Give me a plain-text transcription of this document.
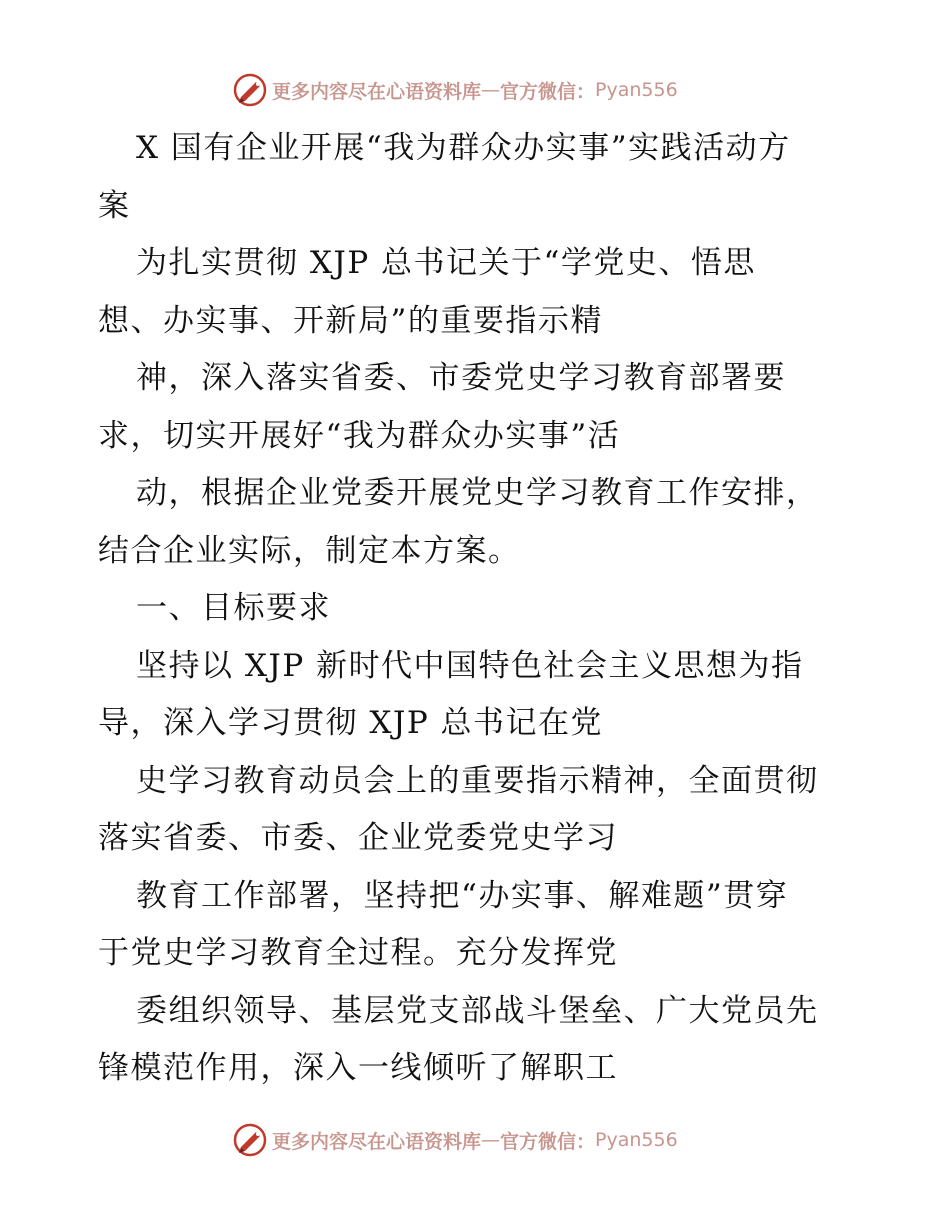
更多内容尽在心语资料库 — 官方微信： Pyan556
X 国有企业开展“我为群众办实事”实践活动方
案
为扎实贯彻 XJP 总书记关于“学党史、悟思
想、办实事、开新局”的重要指示精
神，深入落实省委、市委党史学习教育部署要
求，切实开展好“我为群众办实事”活
动，根据企业党委开展党史学习教育工作安排，
结合企业实际，制定本方案。
一、目标要求
坚持以 XJP 新时代中国特色社会主义思想为指
导，深入学习贯彻 XJP 总书记在党
史学习教育动员会上的重要指示精神，全面贯彻
落实省委、市委、企业党委党史学习
教育工作部署，坚持把“办实事、解难题”贯穿
于党史学习教育全过程。充分发挥党
委组织领导、基层党支部战斗堡垒、广大党员先
锋模范作用，深入一线倾听了解职工
更多内容尽在心语资料库 — 官方微信： Pyan556
